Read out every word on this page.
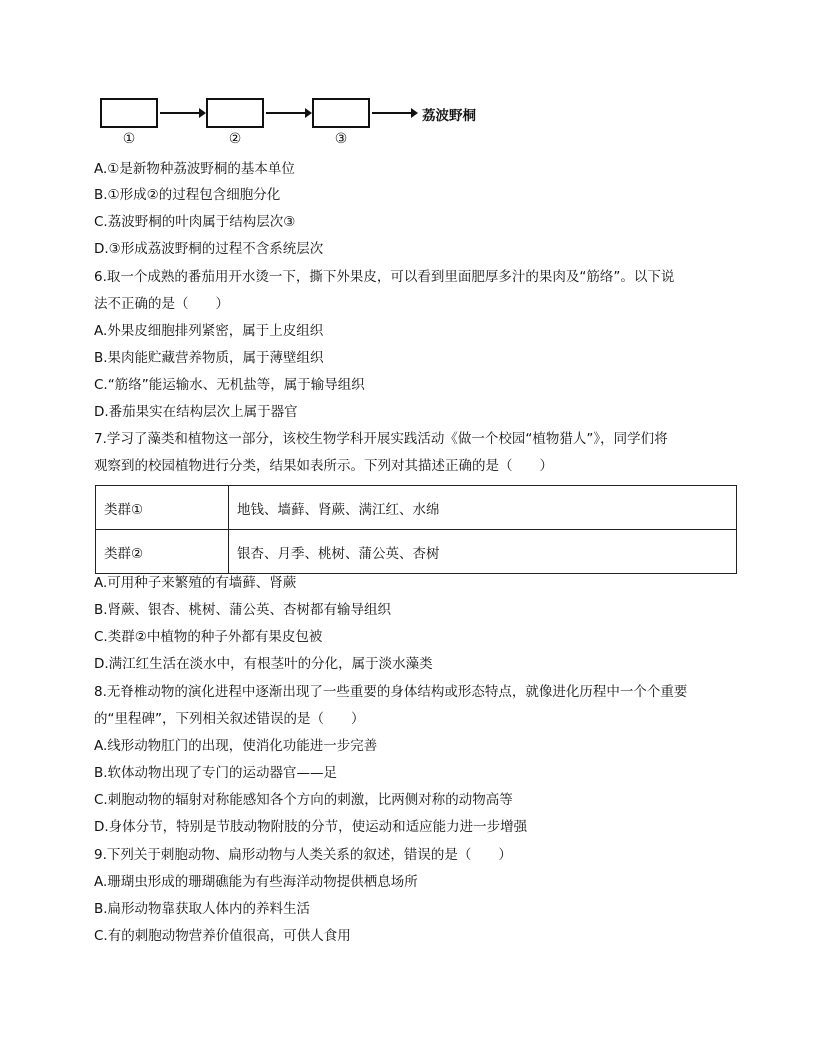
①	②	③
荔波野桐
A.①是新物种荔波野桐的基本单位
B.①形成②的过程包含细胞分化
C.荔波野桐的叶肉属于结构层次③
D.③形成荔波野桐的过程不含系统层次
6.取一个成熟的番茄用开水烫一下，撕下外果皮，可以看到里面肥厚多汁的果肉及“筋络”。以下说
法不正确的是（　　）
A.外果皮细胞排列紧密，属于上皮组织
B.果肉能贮藏营养物质，属于薄壁组织
C.“筋络”能运输水、无机盐等，属于输导组织
D.番茄果实在结构层次上属于器官
7.学习了藻类和植物这一部分，该校生物学科开展实践活动《做一个校园“植物猎人”》，同学们将
观察到的校园植物进行分类，结果如表所示。下列对其描述正确的是（　　）
类群①	地钱、墙藓、肾蕨、满江红、水绵
类群②	银杏、月季、桃树、蒲公英、杏树
A.可用种子来繁殖的有墙藓、肾蕨
B.肾蕨、银杏、桃树、蒲公英、杏树都有输导组织
C.类群②中植物的种子外都有果皮包被
D.满江红生活在淡水中，有根茎叶的分化，属于淡水藻类
8.无脊椎动物的演化进程中逐渐出现了一些重要的身体结构或形态特点，就像进化历程中一个个重要
的“里程碑”，下列相关叙述错误的是（　　）
A.线形动物肛门的出现，使消化功能进一步完善
B.软体动物出现了专门的运动器官——足
C.刺胞动物的辐射对称能感知各个方向的刺激，比两侧对称的动物高等
D.身体分节，特别是节肢动物附肢的分节，使运动和适应能力进一步增强
9.下列关于刺胞动物、扁形动物与人类关系的叙述，错误的是（　　）
A.珊瑚虫形成的珊瑚礁能为有些海洋动物提供栖息场所
B.扁形动物靠获取人体内的养料生活
C.有的刺胞动物营养价值很高，可供人食用
